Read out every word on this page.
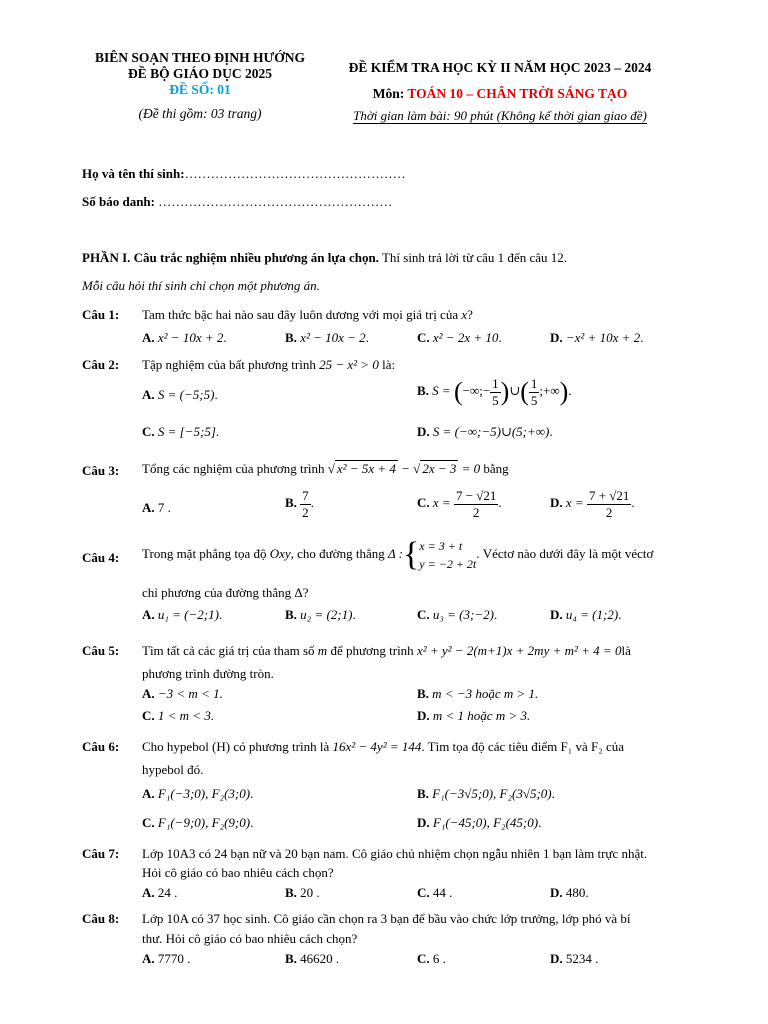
BIÊN SOẠN THEO ĐỊNH HƯỚNG
ĐỀ BỘ GIÁO DỤC 2025
ĐỀ SỐ: 01
(Đề thi gồm: 03 trang)
ĐỀ KIỂM TRA HỌC KỲ II NĂM HỌC 2023 – 2024
Môn: TOÁN 10 – CHÂN TRỜI SÁNG TẠO
Thời gian làm bài: 90 phút (Không kể thời gian giao đề)
Họ và tên thí sinh:……………………………………………
Số báo danh: ………………………………………………
PHẦN I. Câu trắc nghiệm nhiều phương án lựa chọn. Thí sinh trả lời từ câu 1 đến câu 12.
Mỗi câu hỏi thí sinh chỉ chọn một phương án.
Câu 1: Tam thức bậc hai nào sau đây luôn dương với mọi giá trị của x?
A. x² − 10x + 2.	B. x² − 10x − 2.	C. x² − 2x + 10.	D. −x² + 10x + 2.
Câu 2: Tập nghiệm của bất phương trình 25 − x² > 0 là:
A. S = (−5;5).	B. S = (−∞;− $\frac{1}{5}$ )∪( $\frac{1}{5}$ ;+∞).
C. S = [−5;5].	D. S = (−∞;−5)∪(5;+∞).
Câu 3: Tổng các nghiệm của phương trình √ x² − 5x + 4 − √ 2x − 3 = 0 bằng
A. 7 .	B. $\frac{7}{2}$ .	C. $x = \frac{7 - √21}{2}$ .	D. $x = \frac{7 + √21}{2}$ .
Câu 4: Trong mặt phẳng tọa độ Oxy, cho đường thẳng Δ :{x = 3 + t
y = −2 + 2t. Véctơ nào dưới đây là một véctơ
chỉ phương của đường thẳng Δ?
A. u₁ = (−2;1).	B. u₂ = (2;1).	C. u₃ = (3;−2).	D. u₄ = (1;2).
Câu 5: Tìm tất cả các giá trị của tham số m để phương trình x² + y² − 2(m+1)x + 2my + m² + 4 = 0là
phương trình đường tròn.
A. −3 < m < 1.	B. m < −3 hoặc m > 1.
C. 1 < m < 3.	D. m < 1 hoặc m > 3.
Câu 6: Cho hypebol (H) có phương trình là 16x² − 4y² = 144. Tìm tọa độ các tiêu điểm F₁ và F₂ của
hypebol đó.
A. F₁(−3;0), F₂(3;0).	B. F₁(−3√5;0), F₂(3√5;0).
C. F₁(−9;0), F₂(9;0).	D. F₁(−45;0), F₂(45;0).
Câu 7: Lớp 10A3 có 24 bạn nữ và 20 bạn nam. Cô giáo chủ nhiệm chọn ngẫu nhiên 1 bạn làm trực nhật.
Hỏi cô giáo có bao nhiêu cách chọn?
A. 24 .	B. 20 .	C. 44 .	D. 480.
Câu 8: Lớp 10A có 37 học sinh. Cô giáo cần chọn ra 3 bạn để bầu vào chức lớp trưởng, lớp phó và bí
thư. Hỏi cô giáo có bao nhiêu cách chọn?
A. 7770 .	B. 46620 .	C. 6 .	D. 5234 .
